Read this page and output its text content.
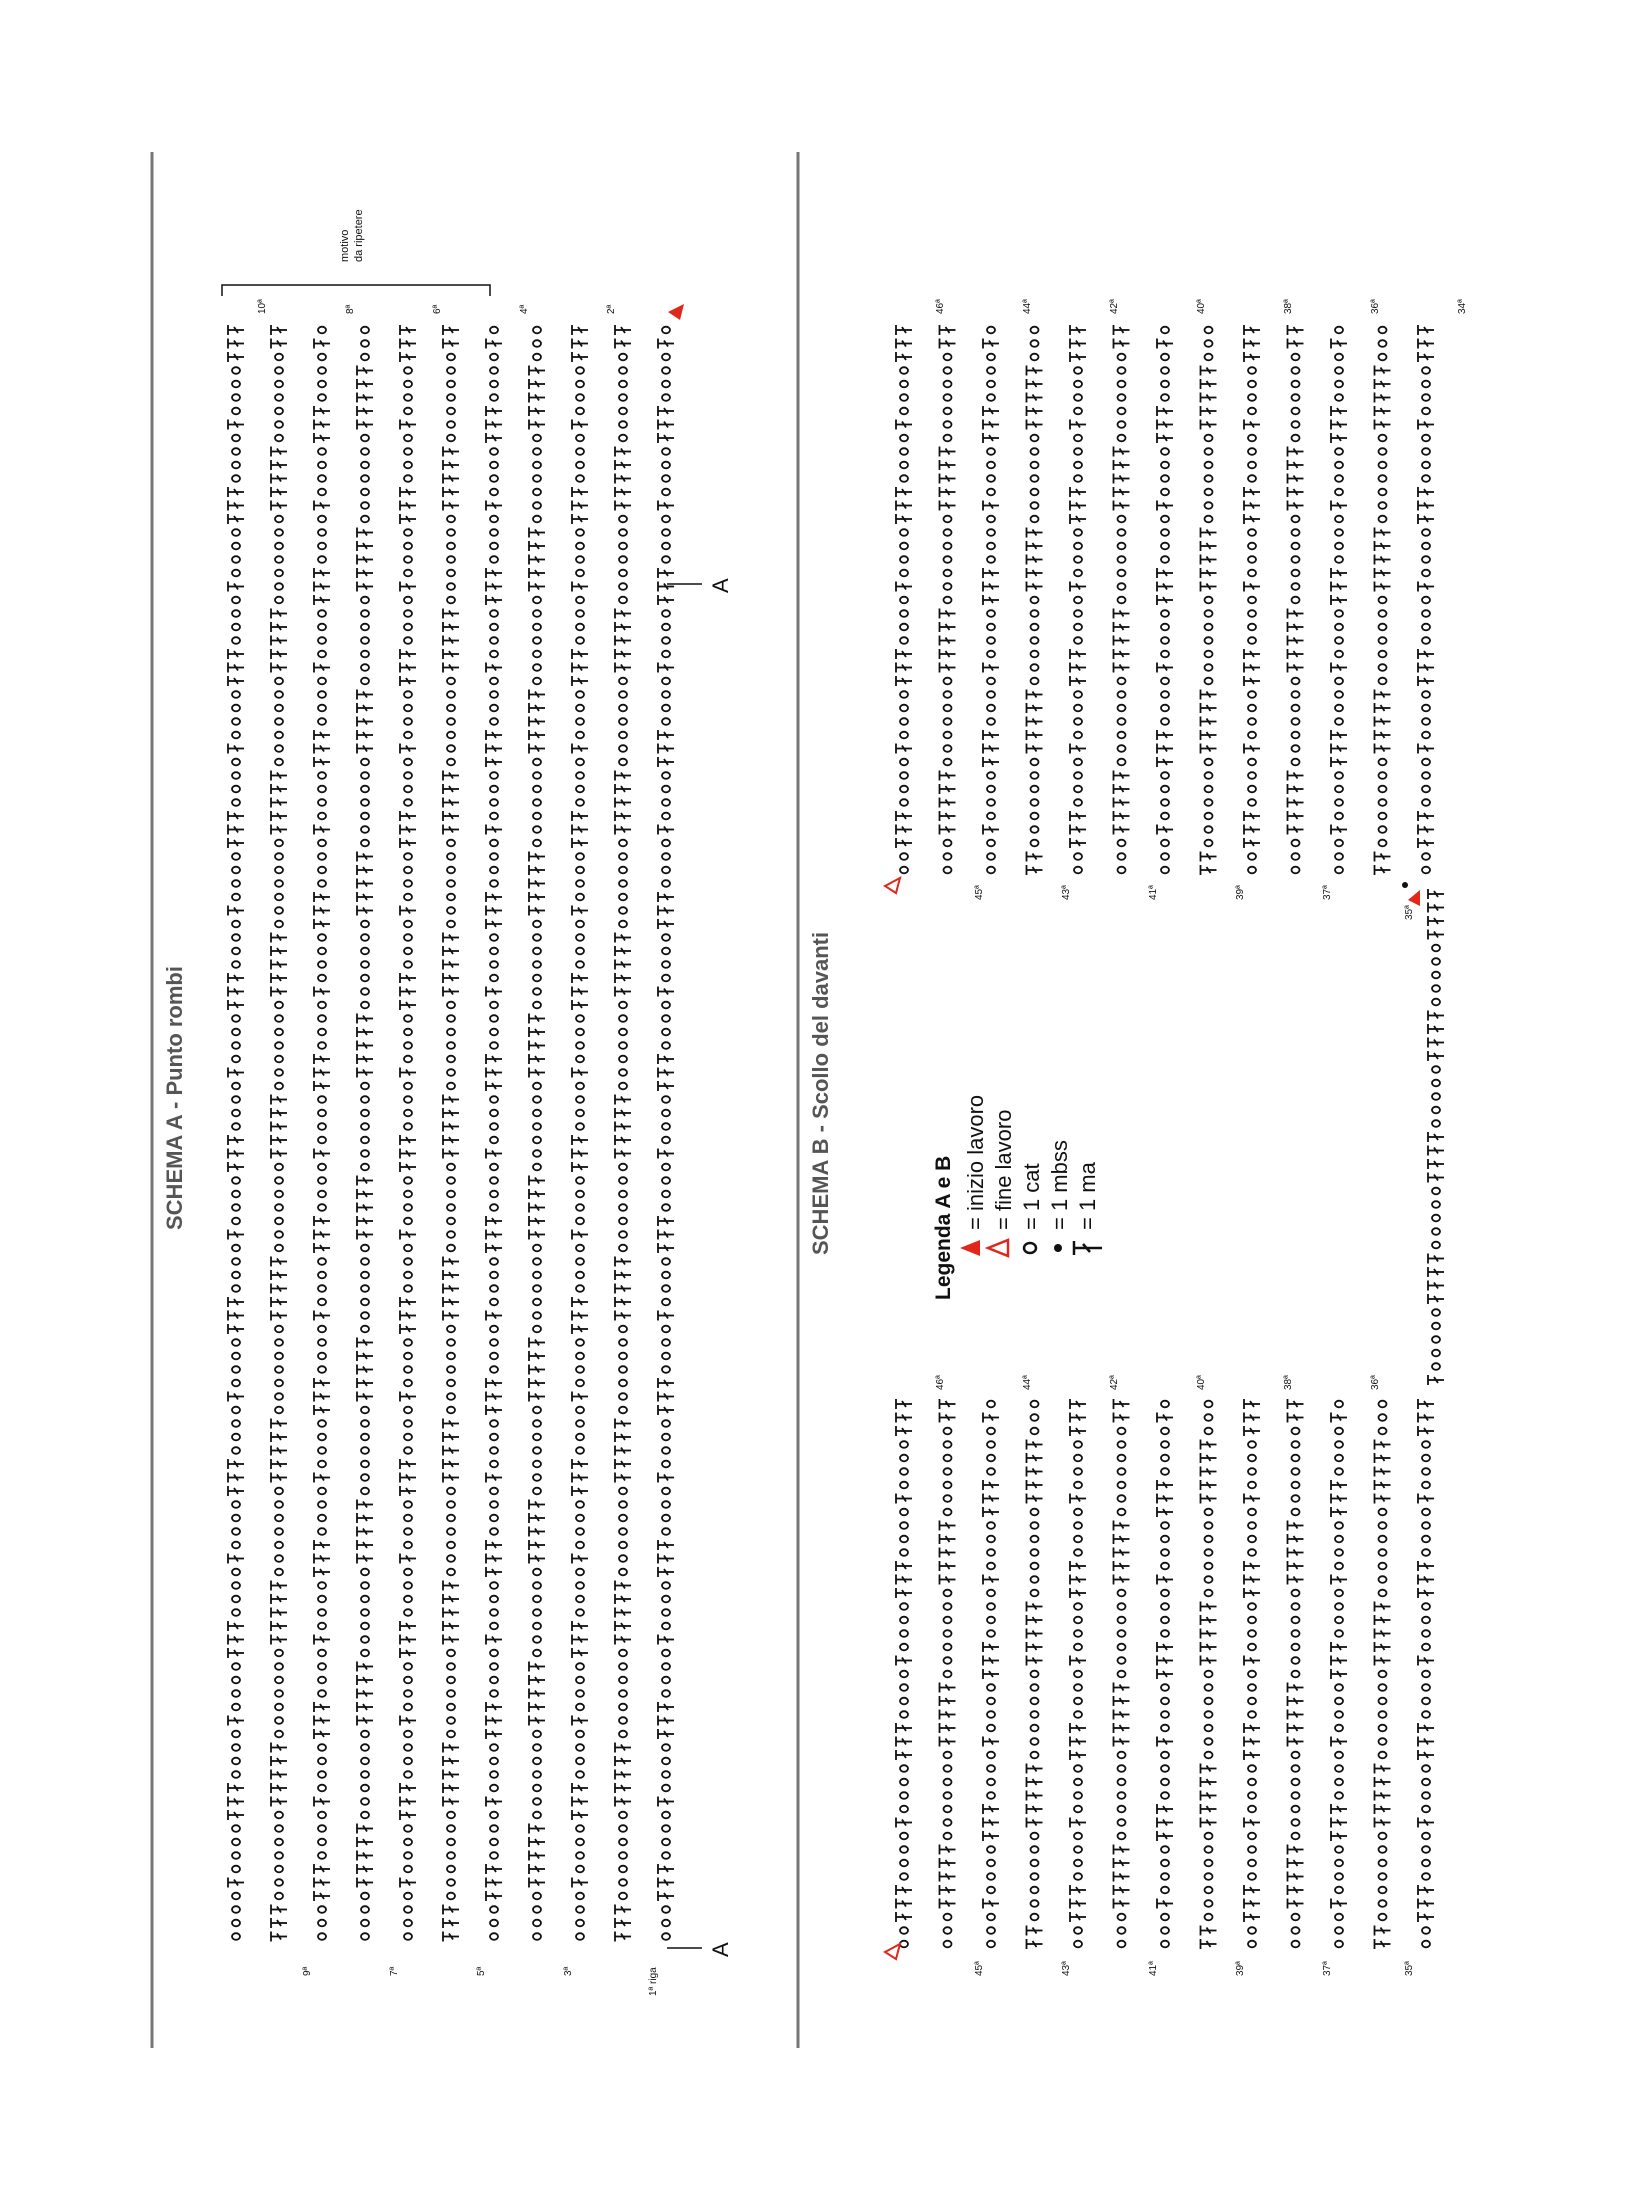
SCHEMA A - Punto rombi	SCHEMA B - Scollo del davanti
motivo da ripetere
A
A
1ª riga
2ª
3ª
4ª
5ª
6ª
7ª
8ª
9ª
10ª	34ª
36ª
38ª
40ª
42ª
44ª
46ª
35ª
37ª
39ª
41ª
43ª
45ª
36ª
38ª
40ª
42ª
44ª
46ª
35ª
37ª
39ª
41ª
43ª
45ª
Legenda A e B = inizio lavoro = fine lavoro = 1 cat = 1 mbss = 1 ma
